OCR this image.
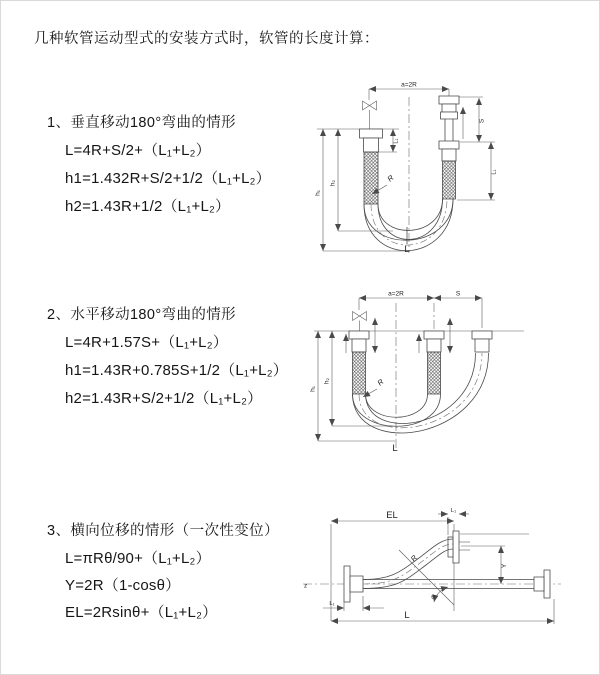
几种软管运动型式的安装方式时，软管的长度计算：
1、垂直移动180°弯曲的情形
L=4R+S/2+（L₁+L₂）
h1=1.432R+S/2+1/2（L₁+L₂）
h2=1.43R+1/2（L₁+L₂）
2、水平移动180°弯曲的情形
L=4R+1.57S+（L₁+L₂）
h1=1.43R+0.785S+1/2（L₁+L₂）
h2=1.43R+S/2+1/2（L₁+L₂）
3、横向位移的情形（一次性变位）
L=πRθ/90+（L₁+L₂）
Y=2R（1-cosθ）
EL=2Rsinθ+（L₁+L₂）
a=2R
h₁
h₂
L₁
S
L₁
R
L
a=2R	S
h₁
h₂	R
L
EL	L₁
Y
z
θ
R
L₁
L
